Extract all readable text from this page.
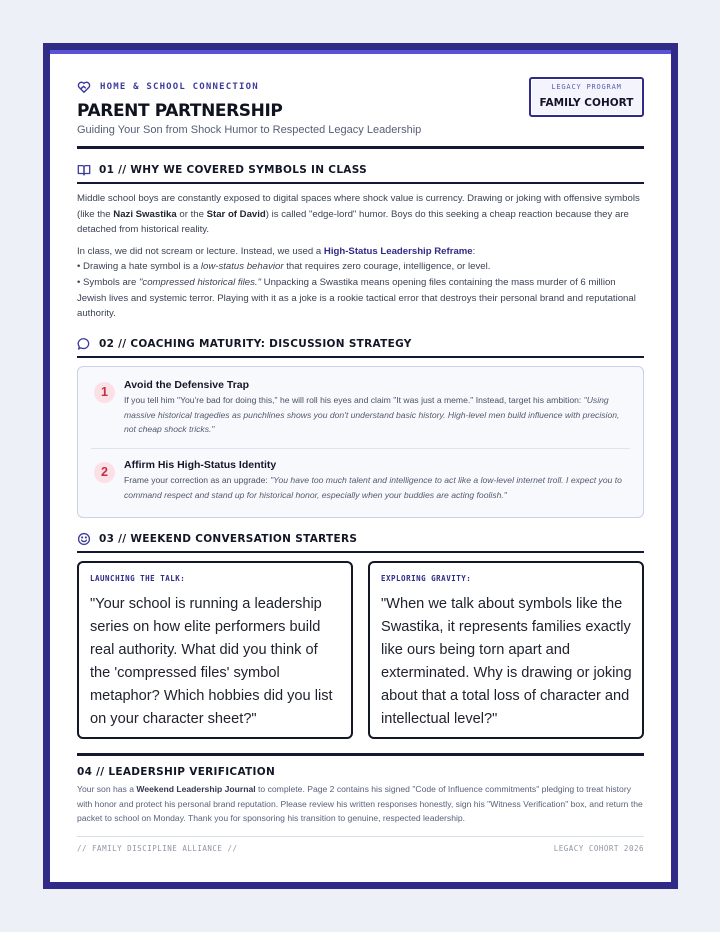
HOME & SCHOOL CONNECTION
PARENT PARTNERSHIP
Guiding Your Son from Shock Humor to Respected Legacy Leadership
LEGACY PROGRAM
FAMILY COHORT
01 // WHY WE COVERED SYMBOLS IN CLASS

Middle school boys are constantly exposed to digital spaces where shock value is currency. Drawing or joking with offensive symbols (like the Nazi Swastika or the Star of David) is called "edge-lord" humor. Boys do this seeking a cheap reaction because they are detached from historical reality.

In class, we did not scream or lecture. Instead, we used a High-Status Leadership Reframe:
• Drawing a hate symbol is a low-status behavior that requires zero courage, intelligence, or level.
• Symbols are "compressed historical files." Unpacking a Swastika means opening files containing the mass murder of 6 million Jewish lives and systemic terror. Playing with it as a joke is a rookie tactical error that destroys their personal brand and reputational authority.

02 // COACHING MATURITY: DISCUSSION STRATEGY
1	Avoid the Defensive Trap
If you tell him "You're bad for doing this," he will roll his eyes and claim "It was just a meme." Instead, target his ambition: "Using massive historical tragedies as punchlines shows you don't understand basic history. High-level men build influence with precision, not cheap shock tricks."
2	Affirm His High-Status Identity
Frame your correction as an upgrade: "You have too much talent and intelligence to act like a low-level internet troll. I expect you to command respect and stand up for historical honor, especially when your buddies are acting foolish."
03 // WEEKEND CONVERSATION STARTERS
LAUNCHING THE TALK:
"Your school is running a leadership series on how elite performers build real authority. What did you think of the 'compressed files' symbol metaphor? Which hobbies did you list on your character sheet?"
EXPLORING GRAVITY:
"When we talk about symbols like the Swastika, it represents families exactly like ours being torn apart and exterminated. Why is drawing or joking about that a total loss of character and intellectual level?"
04 // LEADERSHIP VERIFICATION

Your son has a Weekend Leadership Journal to complete. Page 2 contains his signed "Code of Influence commitments" pledging to treat history with honor and protect his personal brand reputation. Please review his written responses honestly, sign his "Witness Verification" box, and return the packet to school on Monday. Thank you for sponsoring his transition to genuine, respected leadership.

// FAMILY DISCIPLINE ALLIANCE //	LEGACY COHORT 2026
